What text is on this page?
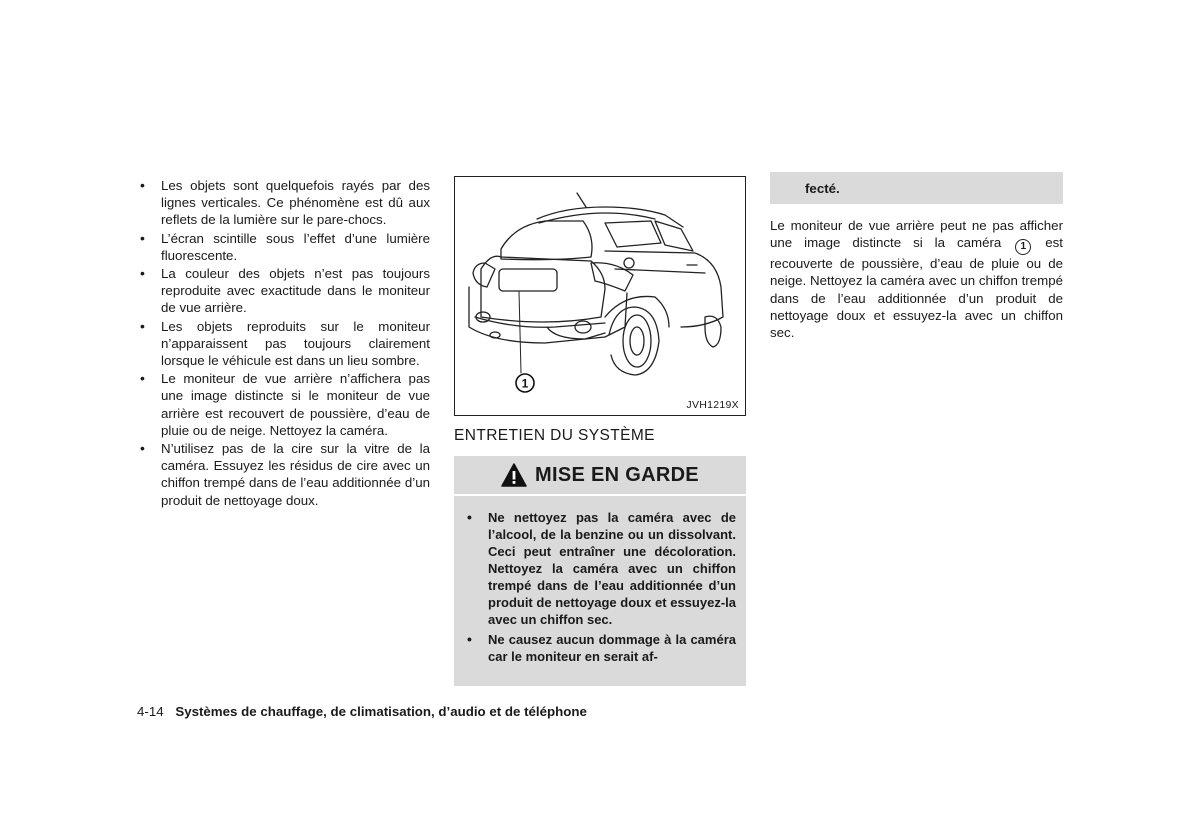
• Les objets sont quelquefois rayés par des lignes verticales. Ce phénomène est dû aux reflets de la lumière sur le pare-chocs.
• L’écran scintille sous l’effet d’une lumière fluorescente.
• La couleur des objets n’est pas toujours reproduite avec exactitude dans le moniteur de vue arrière.
• Les objets reproduits sur le moniteur n’apparaissent pas toujours clairement lorsque le véhicule est dans un lieu sombre.
• Le moniteur de vue arrière n’affichera pas une image distincte si le moniteur de vue arrière est recouvert de poussière, d’eau de pluie ou de neige. Nettoyez la caméra.
• N’utilisez pas de la cire sur la vitre de la caméra. Essuyez les résidus de cire avec un chiffon trempé dans de l’eau additionnée d’un produit de nettoyage doux.
1
JVH1219X
ENTRETIEN DU SYSTÈME
MISE EN GARDE
• Ne nettoyez pas la caméra avec de l’alcool, de la benzine ou un dissolvant. Ceci peut entraîner une décoloration. Nettoyez la caméra avec un chiffon trempé dans de l’eau additionnée d’un produit de nettoyage doux et essuyez-la avec un chiffon sec.
• Ne causez aucun dommage à la caméra car le moniteur en serait af-
fecté.

Le moniteur de vue arrière peut ne pas afficher une image distincte si la caméra 1 est recouverte de poussière, d’eau de pluie ou de neige. Nettoyez la caméra avec un chiffon trempé dans de l’eau additionnée d’un produit de nettoyage doux et essuyez-la avec un chiffon sec.

4-14 Systèmes de chauffage, de climatisation, d’audio et de téléphone
